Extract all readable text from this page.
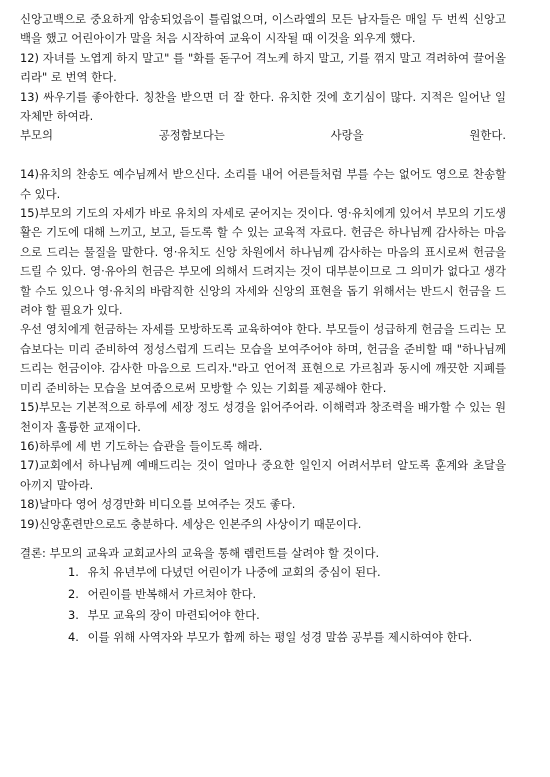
신앙고백으로 중요하게 암송되었음이 틀림없으며, 이스라엘의 모든 남자들은 매일 두 번씩 신앙고백을 했고 어린아이가 말을 처음 시작하여 교육이 시작될 때 이것을 외우게 했다.

12) 자녀를 노엽게 하지 말고" 를 "화를 돋구어 격노케 하지 말고, 기를 꺾지 말고 격려하여 끌어올리라" 로 번역 한다.

13) 싸우기를 좋아한다. 칭찬을 받으면 더 잘 한다. 유치한 것에 호기심이 많다. 지적은 일어난 일 자체만 하여라.

부모의	공정함보다는	사랑을	원한다.

14)유치의 찬송도 예수님께서 받으신다. 소리를 내어 어른들처럼 부를 수는 없어도 영으로 찬송할 수 있다.

15)부모의 기도의 자세가 바로 유치의 자세로 굳어지는 것이다. 영·유치에게 있어서 부모의 기도생활은 기도에 대해 느끼고, 보고, 듣도록 할 수 있는 교육적 자료다. 헌금은 하나님께 감사하는 마음으로 드리는 물질을 말한다. 영·유치도 신앙 차원에서 하나님께 감사하는 마음의 표시로써 헌금을 드릴 수 있다. 영·유아의 헌금은 부모에 의해서 드려지는 것이 대부분이므로 그 의미가 없다고 생각할 수도 있으나 영·유치의 바람직한 신앙의 자세와 신앙의 표현을 돕기 위해서는 반드시 헌금을 드려야 할 필요가 있다.

우선 영치에게 헌금하는 자세를 모방하도록 교육하여야 한다. 부모들이 성급하게 헌금을 드리는 모습보다는 미리 준비하여 정성스럽게 드리는 모습을 보여주어야 하며, 헌금을 준비할 때 "하나님께 드리는 헌금이야. 감사한 마음으로 드리자."라고 언어적 표현으로 가르침과 동시에 깨끗한 지폐를 미리 준비하는 모습을 보여줌으로써 모방할 수 있는 기회를 제공해야 한다.

15)부모는 기본적으로 하루에 세장 정도 성경을 읽어주어라. 이해력과 창조력을 배가할 수 있는 원천이자 훌륭한 교재이다.

16)하루에 세 번 기도하는 습관을 들이도록 해라.

17)교회에서 하나님께 예배드리는 것이 얼마나 중요한 일인지 어려서부터 알도록 훈계와 초달을 아끼지 말아라.

18)날마다 영어 성경만화 비디오를 보여주는 것도 좋다.

19)신앙훈련만으로도 충분하다. 세상은 인본주의 사상이기 때문이다.

결론: 부모의 교육과 교회교사의 교육을 통해 렘런트를 살려야 할 것이다.

1. 유치 유년부에 다녔던 어린이가 나중에 교회의 중심이 된다.
2. 어린이를 반복해서 가르쳐야 한다.
3. 부모 교육의 장이 마련되어야 한다.
4. 이를 위해 사역자와 부모가 함께 하는 평일 성경 말씀 공부를 제시하여야 한다.
